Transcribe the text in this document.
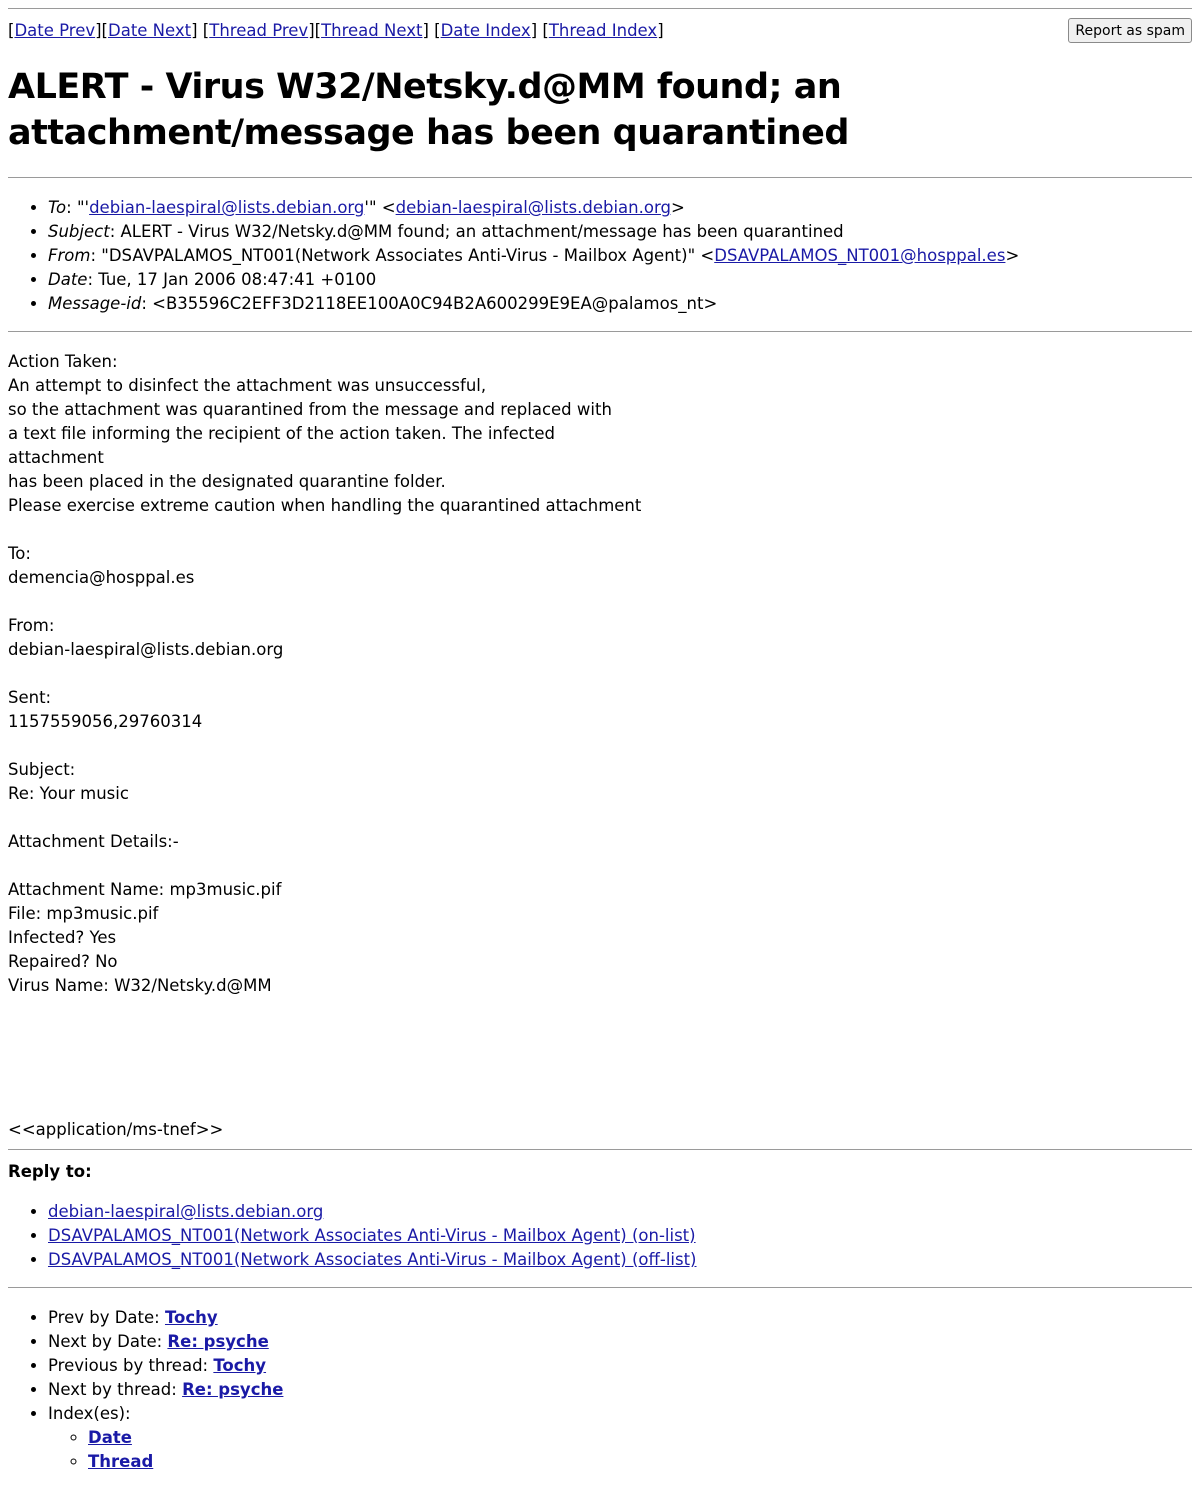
[Date Prev][Date Next] [Thread Prev][Thread Next] [Date Index] [Thread Index]	Report as spam
ALERT - Virus W32/Netsky.d@MM found; an attachment/message has been quarantined
• To: "'debian-laespiral@lists.debian.org'" <debian-laespiral@lists.debian.org>
• Subject: ALERT - Virus W32/Netsky.d@MM found; an attachment/message has been quarantined
• From: "DSAVPALAMOS_NT001(Network Associates Anti-Virus - Mailbox Agent)" <DSAVPALAMOS_NT001@hosppal.es>
• Date: Tue, 17 Jan 2006 08:47:41 +0100
• Message-id: <B35596C2EFF3D2118EE100A0C94B2A600299E9EA@palamos_nt>
Action Taken:
An attempt to disinfect the attachment was unsuccessful,
so the attachment was quarantined from the message and replaced with
a text file informing the recipient of the action taken. The infected
attachment
has been placed in the designated quarantine folder.
Please exercise extreme caution when handling the quarantined attachment

To:
demencia@hosppal.es

From:
debian-laespiral@lists.debian.org

Sent:
1157559056,29760314

Subject:
Re: Your music

Attachment Details:-

Attachment Name: mp3music.pif
File: mp3music.pif
Infected? Yes
Repaired? No
Virus Name: W32/Netsky.d@MM

<<application/ms-tnef>>
Reply to:
• debian-laespiral@lists.debian.org
• DSAVPALAMOS_NT001(Network Associates Anti-Virus - Mailbox Agent) (on-list)
• DSAVPALAMOS_NT001(Network Associates Anti-Virus - Mailbox Agent) (off-list)
• Prev by Date: Tochy
• Next by Date: Re: psyche
• Previous by thread: Tochy
• Next by thread: Re: psyche
• Index(es):
◦ Date
◦ Thread
